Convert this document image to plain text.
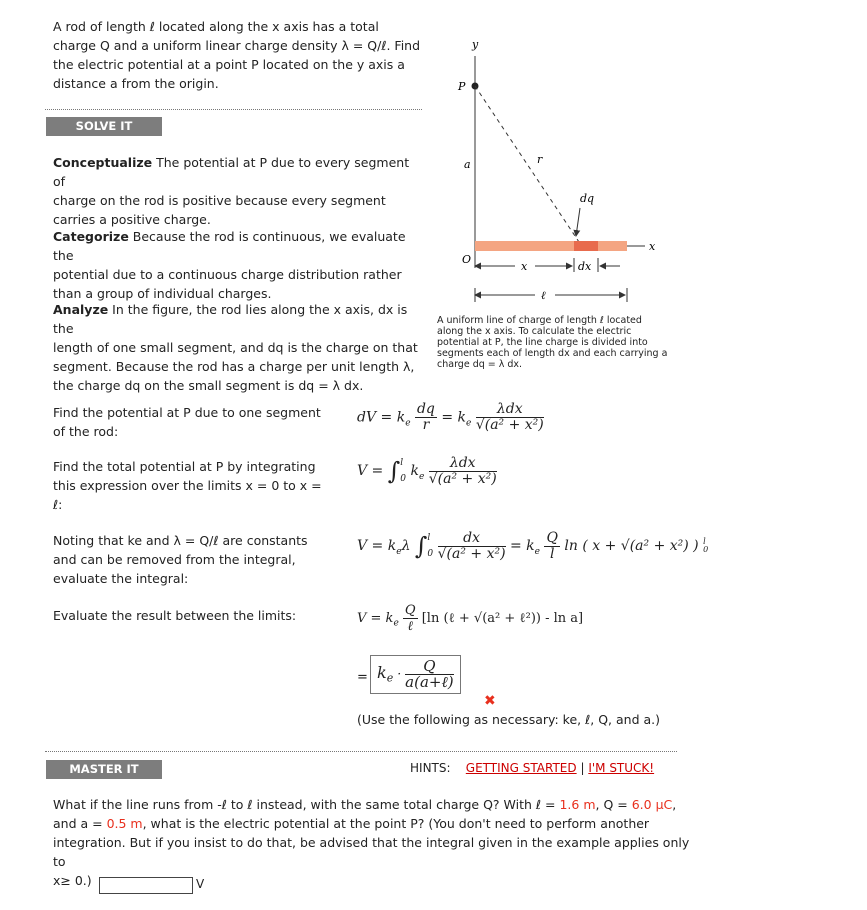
A rod of length ℓ located along the x axis has a total
charge Q and a uniform linear charge density λ = Q/ℓ. Find
the electric potential at a point P located on the y axis a
distance a from the origin.
SOLVE IT
Conceptualize The potential at P due to every segment of
charge on the rod is positive because every segment
carries a positive charge.
Categorize Because the rod is continuous, we evaluate the
potential due to a continuous charge distribution rather
than a group of individual charges.
Analyze In the figure, the rod lies along the x axis, dx is the
length of one small segment, and dq is the charge on that
segment. Because the rod has a charge per unit length λ,
the charge dq on the small segment is dq = λ dx.
y
P
a	r
dq
x
O
x	dx
ℓ
A uniform line of charge of length ℓ located
along the x axis. To calculate the electric
potential at P, the line charge is divided into
segments each of length dx and each carrying a
charge dq = λ dx.
Find the potential at P due to one segment
of the rod:
Find the total potential at P by integrating
this expression over the limits x = 0 to x =
ℓ:
Noting that ke and λ = Q/ℓ are constants
and can be removed from the integral,
evaluate the integral:
Evaluate the result between the limits:
dV = $k_e \frac{dq}{r} = k_e \frac{\text{λdx}}{\text{√(a² + x²)}}$
V = ∫ l
0 $k_e \frac{\text{λdx}}{\text{√(a² + x²)}}$
$V = k_e\lambda$ ∫ l
0
$\frac{dx}{\text{√(a² + x²)}} = k_e \frac{Q}{l}$ ln ( x + √(a² + x²) ) l
0
$V = k_e \frac{Q}{\text{ℓ}} [\ln$ (ℓ + √(a² + ℓ²)) - ln a]
= $k_e \cdot \frac{Q}{\text{a(a+ℓ)}}$
✖
(Use the following as necessary: ke, ℓ, Q, and a.)
MASTER IT	HINTS: GETTING STARTED | I'M STUCK!
What if the line runs from -ℓ to ℓ instead, with the same total charge Q? With ℓ = 1.6 m, Q = 6.0 μC,
and a = 0.5 m, what is the electric potential at the point P? (You don't need to perform another
integration. But if you insist to do that, be advised that the integral given in the example applies only to
x≥ 0.)	V
